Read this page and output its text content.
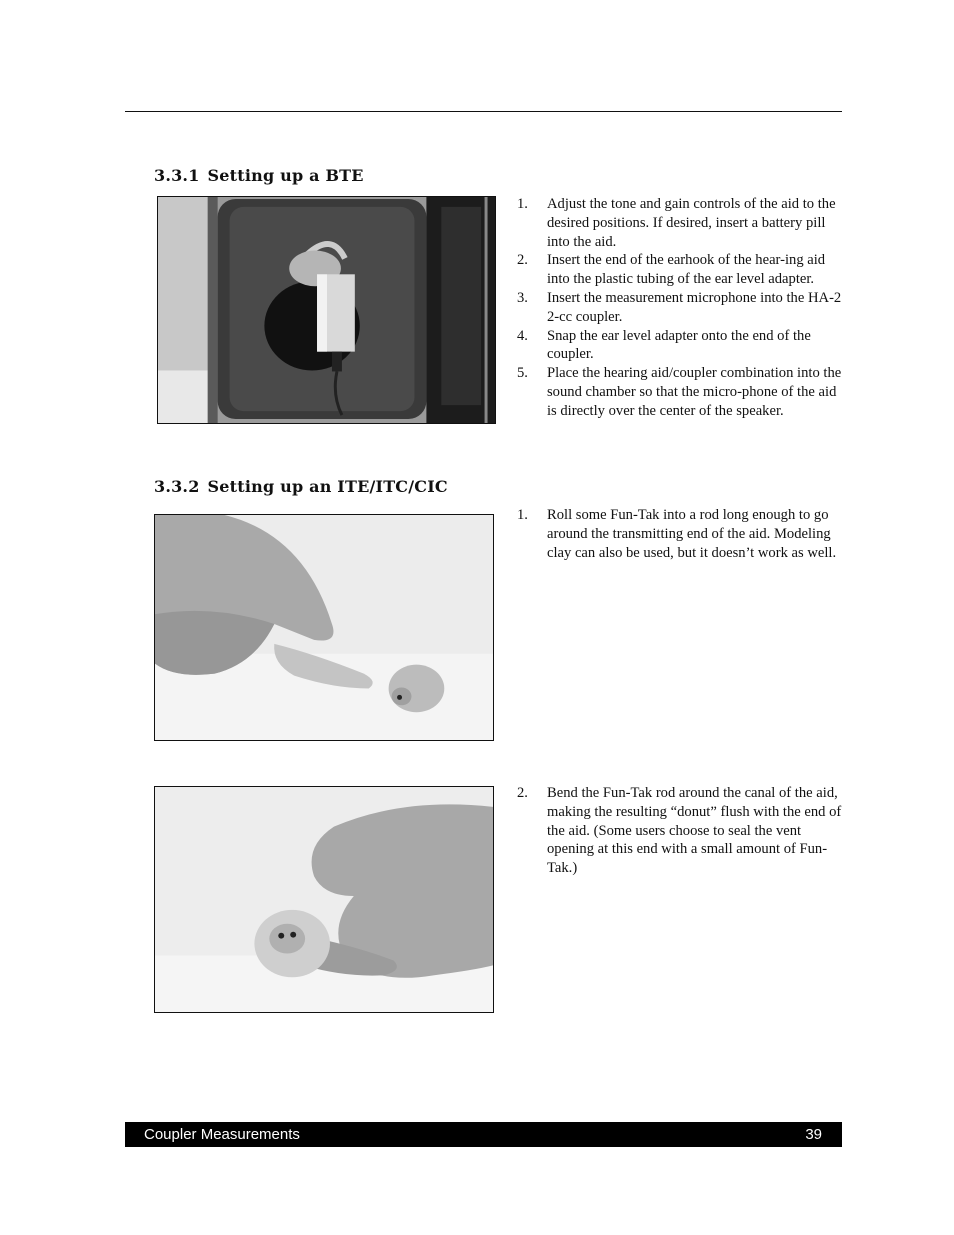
3.3.1 Setting up a BTE
1.	Adjust the tone and gain controls of the aid to the desired positions. If desired, insert a battery pill into the aid.
2.	Insert the end of the earhook of the hear-ing aid into the plastic tubing of the ear level adapter.
3.	Insert the measurement microphone into the HA-2 2-cc coupler.
4.	Snap the ear level adapter onto the end of the coupler.
5.	Place the hearing aid/coupler combination into the sound chamber so that the micro-phone of the aid is directly over the center of the speaker.
3.3.2 Setting up an ITE/ITC/CIC
1.	Roll some Fun-Tak into a rod long enough to go around the transmitting end of the aid. Modeling clay can also be used, but it doesn’t work as well.
2.	Bend the Fun-Tak rod around the canal of the aid, making the resulting “donut” flush with the end of the aid. (Some users choose to seal the vent opening at this end with a small amount of Fun-Tak.)
Coupler Measurements	39
